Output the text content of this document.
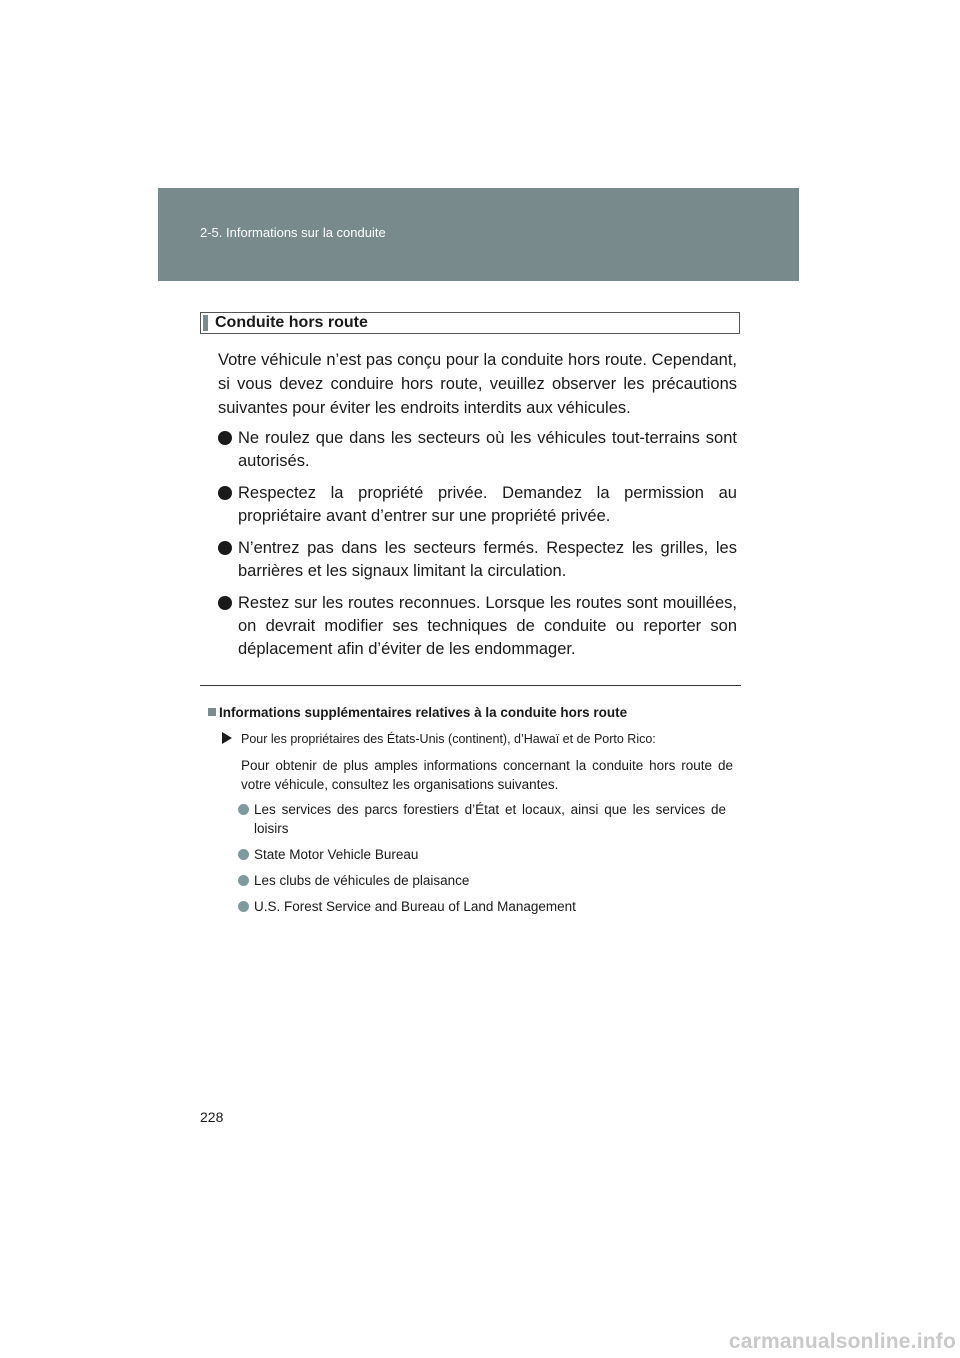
2-5. Informations sur la conduite
Conduite hors route

Votre véhicule n’est pas conçu pour la conduite hors route. Cependant, si vous devez conduire hors route, veuillez observer les précautions suivantes pour éviter les endroits interdits aux véhicules.

Ne roulez que dans les secteurs où les véhicules tout-terrains sont autorisés.
Respectez la propriété privée. Demandez la permission au propriétaire avant d’entrer sur une propriété privée.
N’entrez pas dans les secteurs fermés. Respectez les grilles, les barrières et les signaux limitant la circulation.
Restez sur les routes reconnues. Lorsque les routes sont mouillées, on devrait modifier ses techniques de conduite ou reporter son déplacement afin d’éviter de les endommager.
Informations supplémentaires relatives à la conduite hors route
Pour les propriétaires des États-Unis (continent), d’Hawaï et de Porto Rico:

Pour obtenir de plus amples informations concernant la conduite hors route de votre véhicule, consultez les organisations suivantes.

Les services des parcs forestiers d’État et locaux, ainsi que les services de loisirs
State Motor Vehicle Bureau
Les clubs de véhicules de plaisance
U.S. Forest Service and Bureau of Land Management
228
carmanualsonline.info
